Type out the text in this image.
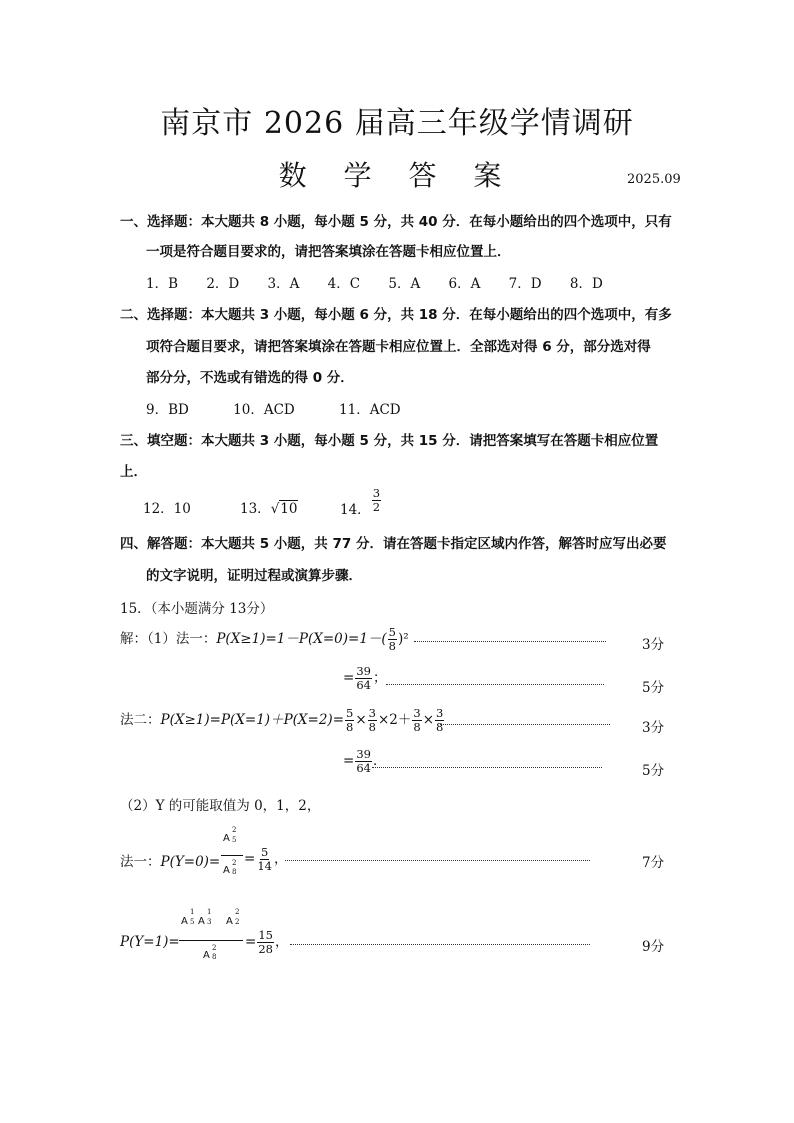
南京市 2026 届高三年级学情调研
数 学 答 案	2025.09
一、选择题：本大题共 8 小题，每小题 5 分，共 40 分．在每小题给出的四个选项中，只有
一项是符合题目要求的，请把答案填涂在答题卡相应位置上．
1．B 2．D 3．A 4．C 5．A 6．A 7．D 8．D
二、选择题：本大题共 3 小题，每小题 6 分，共 18 分．在每小题给出的四个选项中，有多
项符合题目要求，请把答案填涂在答题卡相应位置上．全部选对得 6 分，部分选对得
部分分，不选或有错选的得 0 分．
9．BD	10．ACD	11．ACD
三、填空题：本大题共 3 小题，每小题 5 分，共 15 分．请把答案填写在答题卡相应位置
上．
12．10	13．√10	14． $\frac{3}{2}$
四、解答题：本大题共 5 小题，共 77 分．请在答题卡指定区域内作答，解答时应写出必要
的文字说明，证明过程或演算步骤．
15．（本小题满分 13分）
解：（1）法一：$P(X\ge 1)=1-P(X=0)=1-( \frac{5}{8} )^2$	3分
= $\frac{39}{64}$ ；
5分
法二：$P(X\ge 1)=P(X=1)+P(X=2)= \frac{5}{8} \times \frac{3}{8} \times 2+ \frac{3}{8} \times \frac{3}{8}$	3分
= $\frac{39}{64}$ ．
5分
（2）Y 的可能取值为 0，1，2，
法一：P(Y=0)=
A
2
5
A
2
8
= $\frac{5}{14}$ ，	7分
P(Y=1)=
A
1
5 A
1
3 A
2
2
A
2
8
= $\frac{15}{28}$ ，	9分
